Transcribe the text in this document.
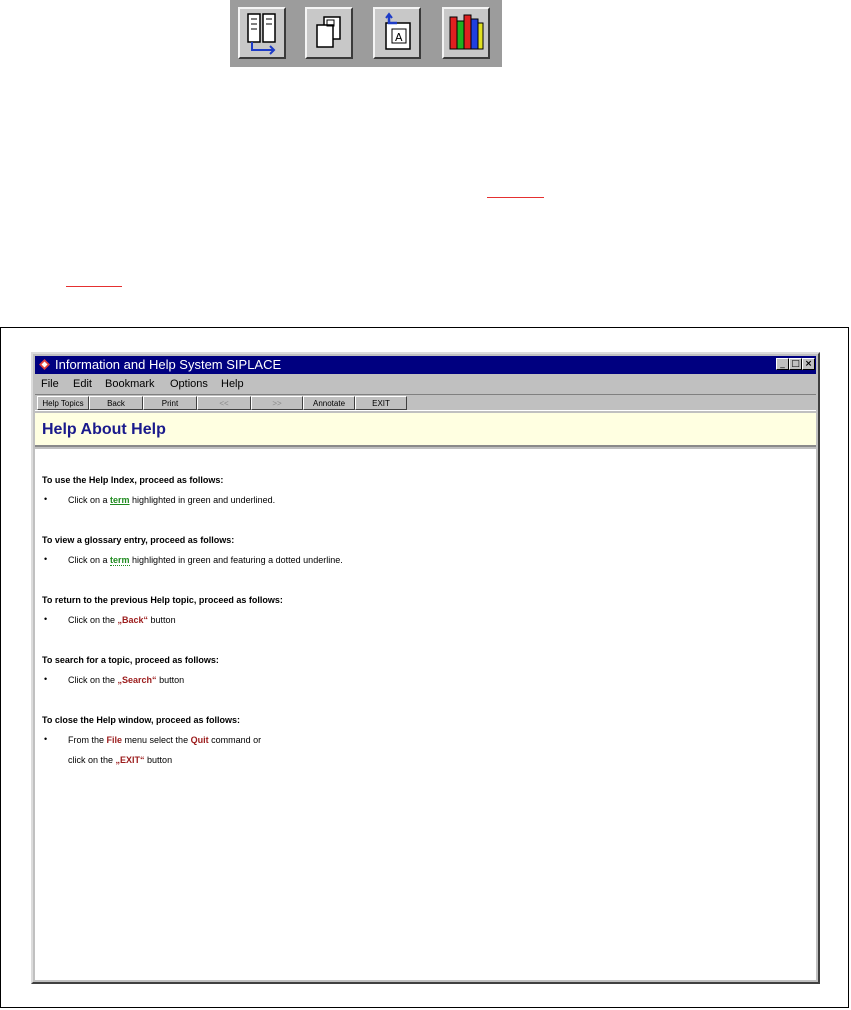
A
Information and Help System SIPLACE	_ □ ×
File Edit Bookmark Options Help
Help Topics	Back	Print	<<	>>	Annotate	EXIT
Help About Help
To use the Help Index, proceed as follows:
• Click on a term highlighted in green and underlined.
To view a glossary entry, proceed as follows:
• Click on a term highlighted in green and featuring a dotted underline.
To return to the previous Help topic, proceed as follows:
• Click on the „Back“ button
To search for a topic, proceed as follows:
• Click on the „Search“ button
To close the Help window, proceed as follows:
• From the File menu select the Quit command or
click on the „EXIT“ button
